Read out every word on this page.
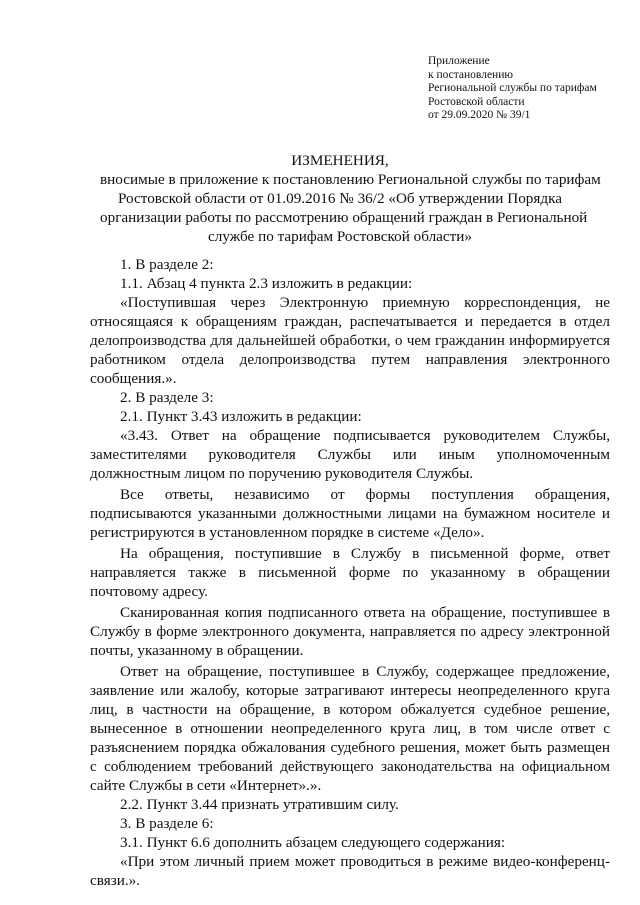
Приложение
к постановлению
Региональной службы по тарифам
Ростовской области
от 29.09.2020 № 39/1
ИЗМЕНЕНИЯ,
вносимые в приложение к постановлению Региональной службы по тарифам
Ростовской области от 01.09.2016 № 36/2 «Об утверждении Порядка
организации работы по рассмотрению обращений граждан в Региональной
службе по тарифам Ростовской области»

1. В разделе 2:

1.1. Абзац 4 пункта 2.3 изложить в редакции:

«Поступившая через Электронную приемную корреспонденция, не относящаяся к обращениям граждан, распечатывается и передается в отдел делопроизводства для дальнейшей обработки, о чем гражданин информируется работником отдела делопроизводства путем направления электронного сообщения.».

2. В разделе 3:

2.1. Пункт 3.43 изложить в редакции:

«3.43. Ответ на обращение подписывается руководителем Службы, заместителями руководителя Службы или иным уполномоченным должностным лицом по поручению руководителя Службы.

Все ответы, независимо от формы поступления обращения, подписываются указанными должностными лицами на бумажном носителе и регистрируются в установленном порядке в системе «Дело».

На обращения, поступившие в Службу в письменной форме, ответ направляется также в письменной форме по указанному в обращении почтовому адресу.

Сканированная копия подписанного ответа на обращение, поступившее в Службу в форме электронного документа, направляется по адресу электронной почты, указанному в обращении.

Ответ на обращение, поступившее в Службу, содержащее предложение, заявление или жалобу, которые затрагивают интересы неопределенного круга лиц, в частности на обращение, в котором обжалуется судебное решение, вынесенное в отношении неопределенного круга лиц, в том числе ответ с разъяснением порядка обжалования судебного решения, может быть размещен с соблюдением требований действующего законодательства на официальном сайте Службы в сети «Интернет».».

2.2. Пункт 3.44 признать утратившим силу.

3. В разделе 6:

3.1. Пункт 6.6 дополнить абзацем следующего содержания:

«При этом личный прием может проводиться в режиме видео-конференц-связи.».
